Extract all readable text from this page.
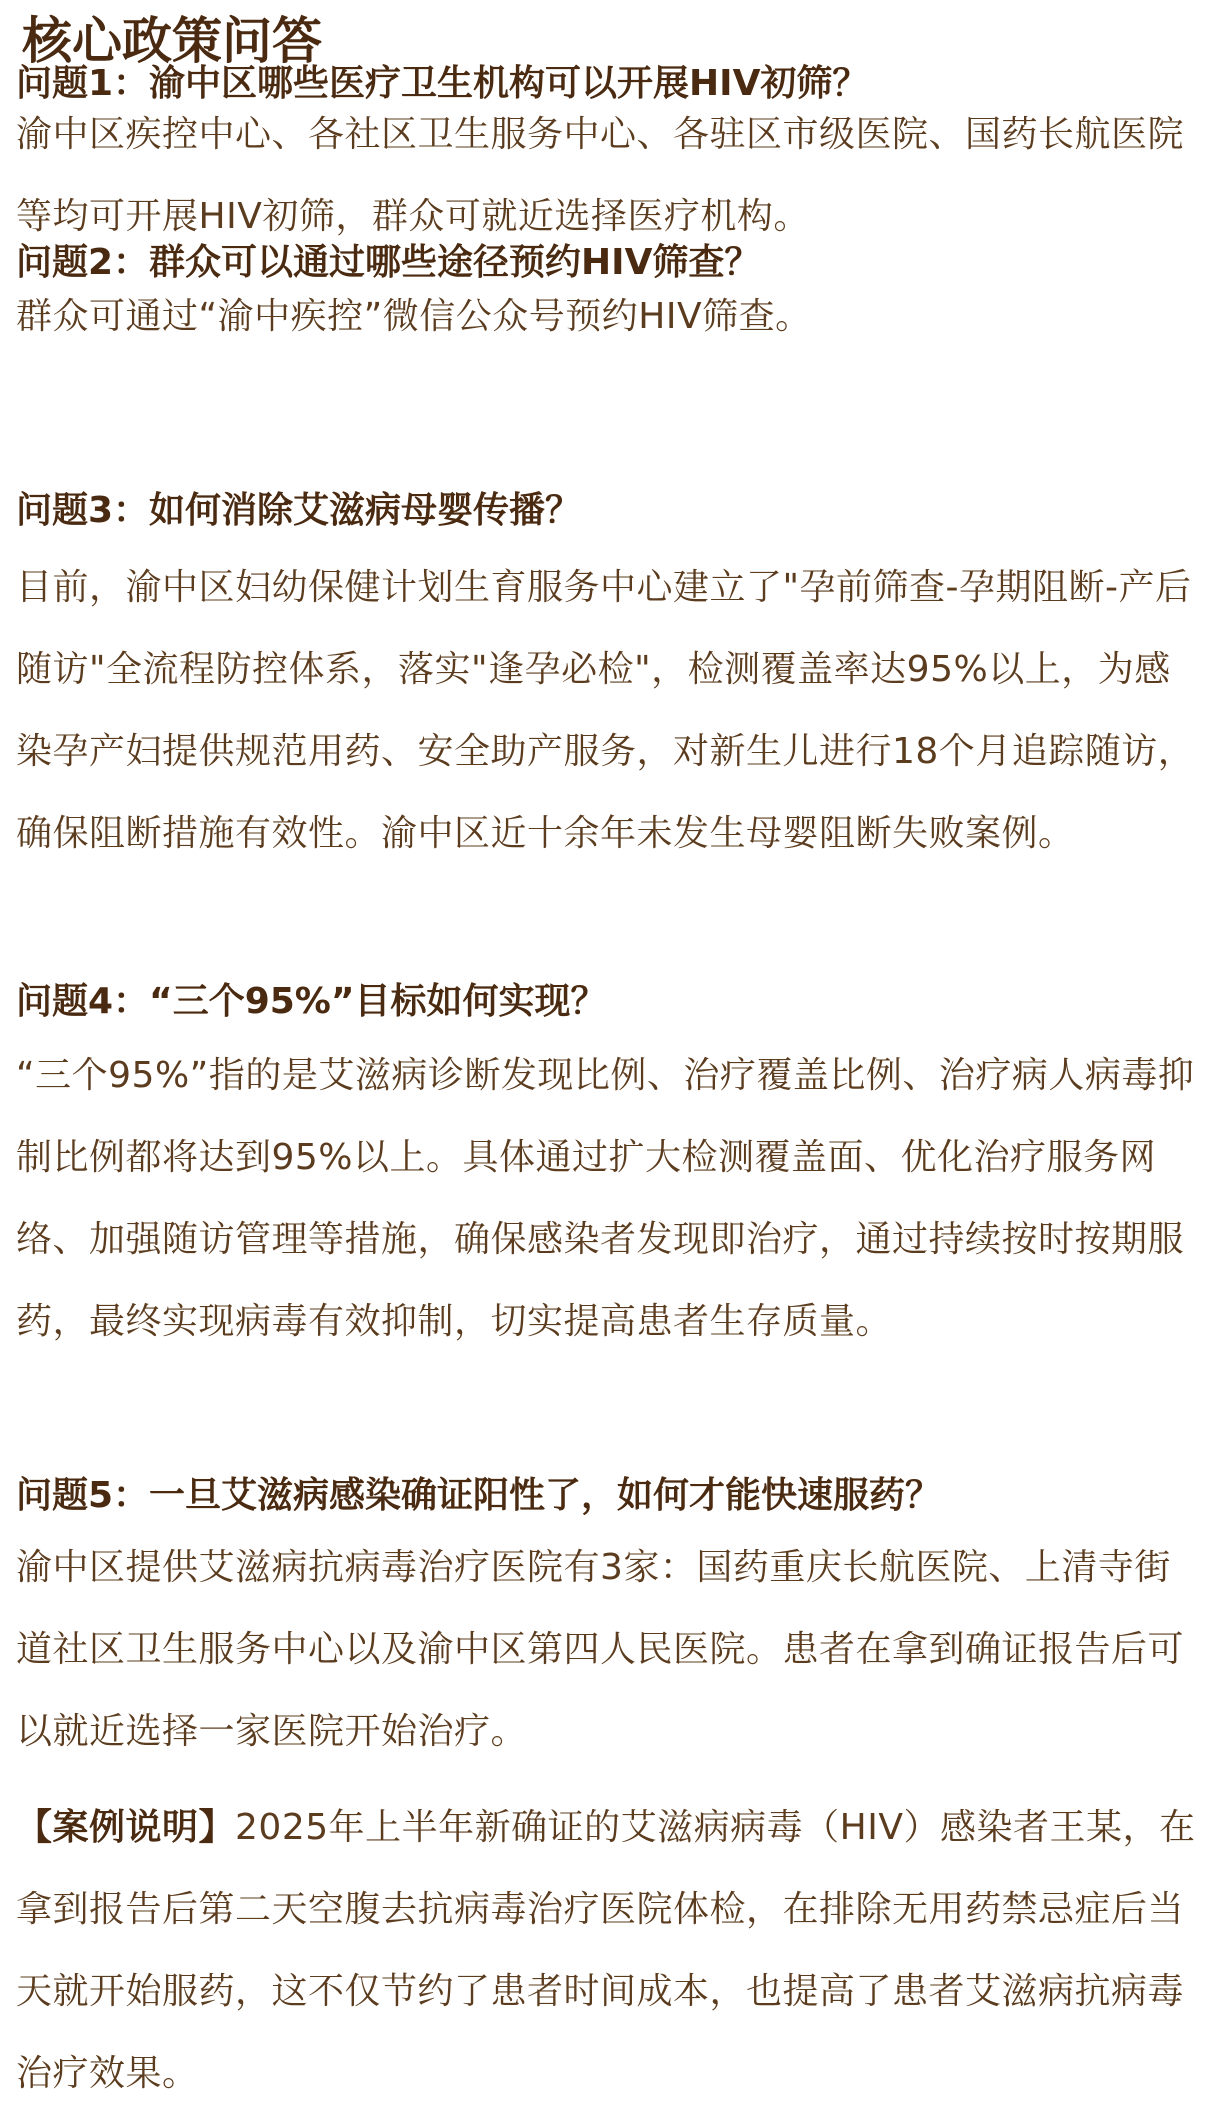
核心政策问答
问题1：渝中区哪些医疗卫生机构可以开展HIV初筛？
渝中区疾控中心、各社区卫生服务中心、各驻区市级医院、国药长航医院等均可开展HIV初筛，群众可就近选择医疗机构。
问题2：群众可以通过哪些途径预约HIV筛查？
群众可通过“渝中疾控”微信公众号预约HIV筛查。
问题3：如何消除艾滋病母婴传播？
目前，渝中区妇幼保健计划生育服务中心建立了"孕前筛查-孕期阻断-产后随访"全流程防控体系，落实"逢孕必检"，检测覆盖率达95%以上，为感染孕产妇提供规范用药、安全助产服务，对新生儿进行18个月追踪随访，确保阻断措施有效性。渝中区近十余年未发生母婴阻断失败案例。
问题4：“三个95%”目标如何实现？
“三个95%”指的是艾滋病诊断发现比例、治疗覆盖比例、治疗病人病毒抑制比例都将达到95%以上。具体通过扩大检测覆盖面、优化治疗服务网络、加强随访管理等措施，确保感染者发现即治疗，通过持续按时按期服药，最终实现病毒有效抑制，切实提高患者生存质量。
问题5：一旦艾滋病感染确证阳性了，如何才能快速服药？
渝中区提供艾滋病抗病毒治疗医院有3家：国药重庆长航医院、上清寺街道社区卫生服务中心以及渝中区第四人民医院。患者在拿到确证报告后可以就近选择一家医院开始治疗。
【案例说明】2025年上半年新确证的艾滋病病毒（HIV）感染者王某，在拿到报告后第二天空腹去抗病毒治疗医院体检，在排除无用药禁忌症后当天就开始服药，这不仅节约了患者时间成本，也提高了患者艾滋病抗病毒治疗效果。
